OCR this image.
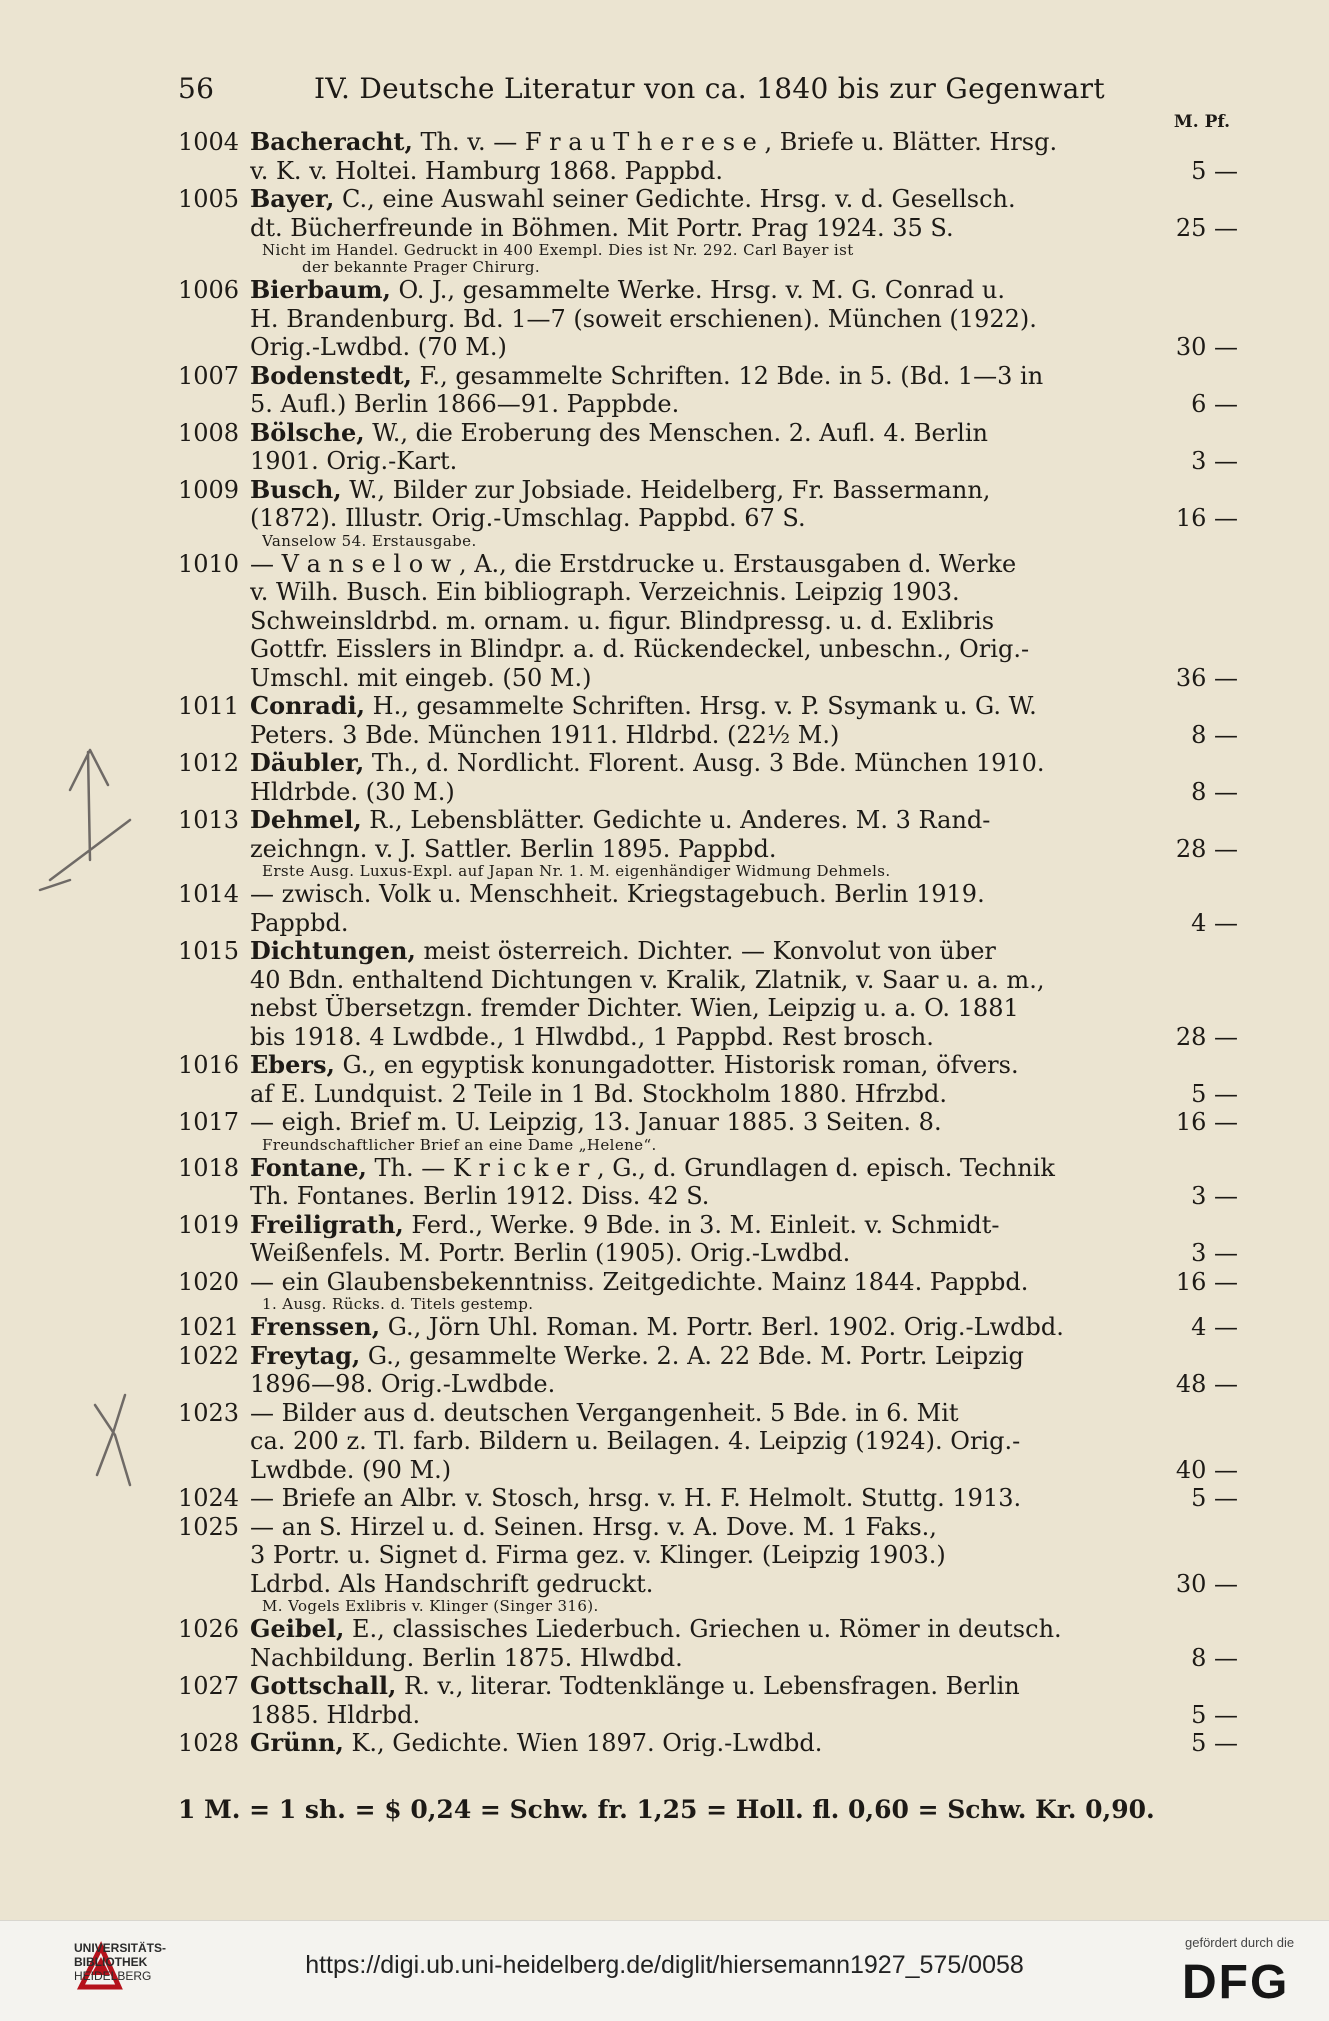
56	IV. Deutsche Literatur von ca. 1840 bis zur Gegenwart
M. Pf.
1004 Bacheracht, Th. v. — F r a u T h e r e s e , Briefe u. Blätter. Hrsg.
v. K. v. Holtei. Hamburg 1868. Pappbd.	5 —
1005 Bayer, C., eine Auswahl seiner Gedichte. Hrsg. v. d. Gesellsch.
dt. Bücherfreunde in Böhmen. Mit Portr. Prag 1924. 35 S.	25 —
Nicht im Handel. Gedruckt in 400 Exempl. Dies ist Nr. 292. Carl Bayer ist
der bekannte Prager Chirurg.
1006 Bierbaum, O. J., gesammelte Werke. Hrsg. v. M. G. Conrad u.
H. Brandenburg. Bd. 1—7 (soweit erschienen). München (1922).
Orig.-Lwdbd. (70 M.)	30 —
1007 Bodenstedt, F., gesammelte Schriften. 12 Bde. in 5. (Bd. 1—3 in
5. Aufl.) Berlin 1866—91. Pappbde.	6 —
1008 Bölsche, W., die Eroberung des Menschen. 2. Aufl. 4. Berlin
1901. Orig.-Kart.	3 —
1009 Busch, W., Bilder zur Jobsiade. Heidelberg, Fr. Bassermann,
(1872). Illustr. Orig.-Umschlag. Pappbd. 67 S.	16 —
Vanselow 54. Erstausgabe.
1010 — V a n s e l o w , A., die Erstdrucke u. Erstausgaben d. Werke
v. Wilh. Busch. Ein bibliograph. Verzeichnis. Leipzig 1903.
Schweinsldrbd. m. ornam. u. figur. Blindpressg. u. d. Exlibris
Gottfr. Eisslers in Blindpr. a. d. Rückendeckel, unbeschn., Orig.-
Umschl. mit eingeb. (50 M.)	36 —
1011 Conradi, H., gesammelte Schriften. Hrsg. v. P. Ssymank u. G. W.
Peters. 3 Bde. München 1911. Hldrbd. (22½ M.)	8 —
1012 Däubler, Th., d. Nordlicht. Florent. Ausg. 3 Bde. München 1910.
Hldrbde. (30 M.)	8 —
1013 Dehmel, R., Lebensblätter. Gedichte u. Anderes. M. 3 Rand-
zeichngn. v. J. Sattler. Berlin 1895. Pappbd.	28 —
Erste Ausg. Luxus-Expl. auf Japan Nr. 1. M. eigenhändiger Widmung Dehmels.
1014 — zwisch. Volk u. Menschheit. Kriegstagebuch. Berlin 1919.
Pappbd.	4 —
1015 Dichtungen, meist österreich. Dichter. — Konvolut von über
40 Bdn. enthaltend Dichtungen v. Kralik, Zlatnik, v. Saar u. a. m.,
nebst Übersetzgn. fremder Dichter. Wien, Leipzig u. a. O. 1881
bis 1918. 4 Lwdbde., 1 Hlwdbd., 1 Pappbd. Rest brosch.	28 —
1016 Ebers, G., en egyptisk konungadotter. Historisk roman, öfvers.
af E. Lundquist. 2 Teile in 1 Bd. Stockholm 1880. Hfrzbd.	5 —
1017 — eigh. Brief m. U. Leipzig, 13. Januar 1885. 3 Seiten. 8.	16 —
Freundschaftlicher Brief an eine Dame „Helene“.
1018 Fontane, Th. — K r i c k e r , G., d. Grundlagen d. episch. Technik
Th. Fontanes. Berlin 1912. Diss. 42 S.	3 —
1019 Freiligrath, Ferd., Werke. 9 Bde. in 3. M. Einleit. v. Schmidt-
Weißenfels. M. Portr. Berlin (1905). Orig.-Lwdbd.	3 —
1020 — ein Glaubensbekenntniss. Zeitgedichte. Mainz 1844. Pappbd.	16 —
1. Ausg. Rücks. d. Titels gestemp.
1021 Frenssen, G., Jörn Uhl. Roman. M. Portr. Berl. 1902. Orig.-Lwdbd.	4 —
1022 Freytag, G., gesammelte Werke. 2. A. 22 Bde. M. Portr. Leipzig
1896—98. Orig.-Lwdbde.	48 —
1023 — Bilder aus d. deutschen Vergangenheit. 5 Bde. in 6. Mit
ca. 200 z. Tl. farb. Bildern u. Beilagen. 4. Leipzig (1924). Orig.-
Lwdbde. (90 M.)	40 —
1024 — Briefe an Albr. v. Stosch, hrsg. v. H. F. Helmolt. Stuttg. 1913.	5 —
1025 — an S. Hirzel u. d. Seinen. Hrsg. v. A. Dove. M. 1 Faks.,
3 Portr. u. Signet d. Firma gez. v. Klinger. (Leipzig 1903.)
Ldrbd. Als Handschrift gedruckt.	30 —
M. Vogels Exlibris v. Klinger (Singer 316).
1026 Geibel, E., classisches Liederbuch. Griechen u. Römer in deutsch.
Nachbildung. Berlin 1875. Hlwdbd.	8 —
1027 Gottschall, R. v., literar. Todtenklänge u. Lebensfragen. Berlin
1885. Hldrbd.	5 —
1028 Grünn, K., Gedichte. Wien 1897. Orig.-Lwdbd.	5 —
1 M. = 1 sh. = $ 0,24 = Schw. fr. 1,25 = Holl. fl. 0,60 = Schw. Kr. 0,90.
UNIVERSITÄTS-
BIBLIOTHEK
HEIDELBERG	https://digi.ub.uni-heidelberg.de/diglit/hiersemann1927_575/0058
gefördert durch die
DFG
